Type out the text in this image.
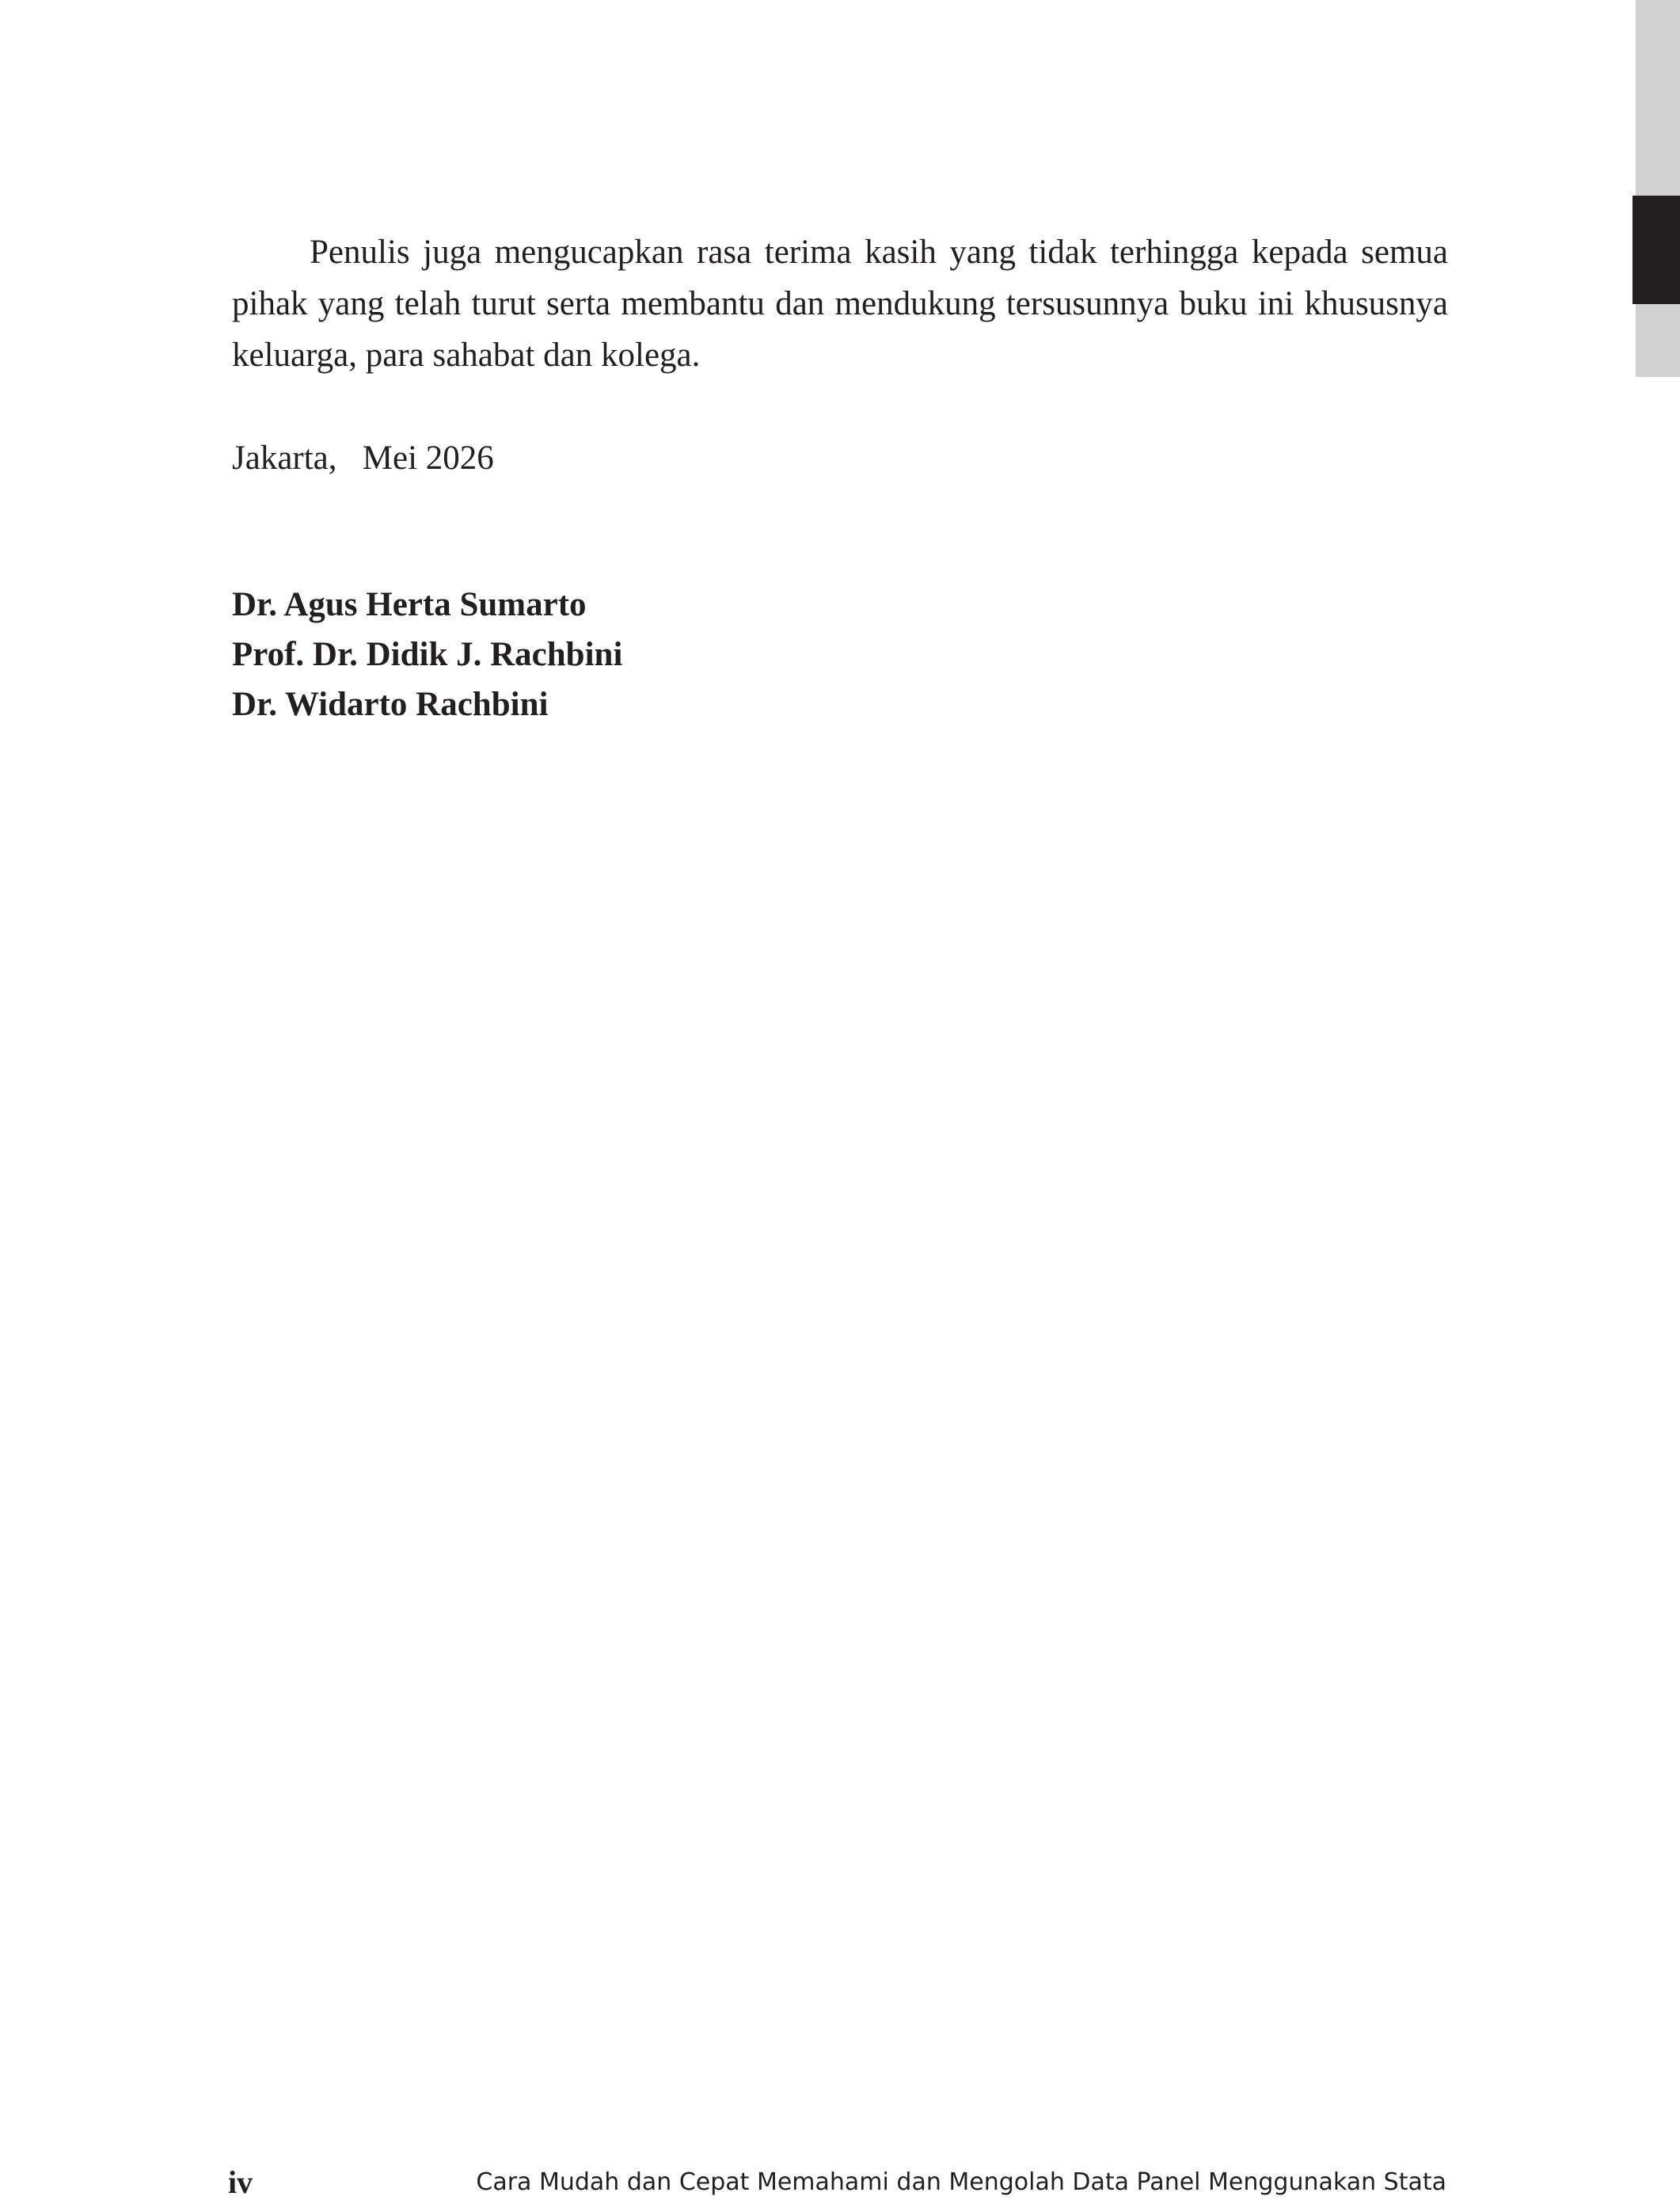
Penulis juga mengucapkan rasa terima kasih yang tidak terhingga kepada semua pihak yang telah turut serta membantu dan mendukung tersusunnya buku ini khususnya keluarga, para sahabat dan kolega.

Jakarta,   Mei 2026
Dr. Agus Herta Sumarto
Prof. Dr. Didik J. Rachbini
Dr. Widarto Rachbini
iv	Cara Mudah dan Cepat Memahami dan Mengolah Data Panel Menggunakan Stata
